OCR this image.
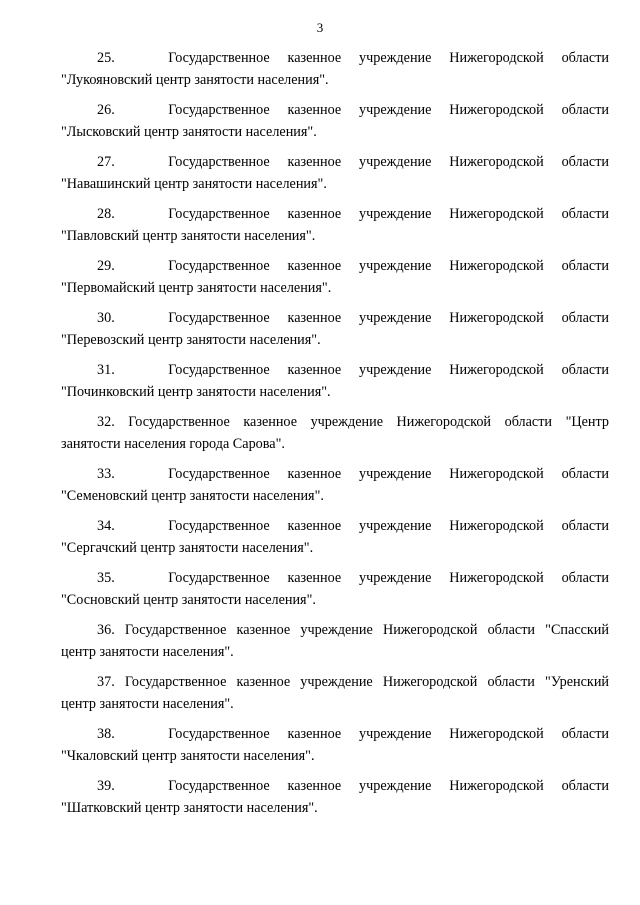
3
25.   Государственное казенное учреждение Нижегородской области
"Лукояновский центр занятости населения".
26.   Государственное казенное учреждение Нижегородской области
"Лысковский центр занятости населения".
27.   Государственное казенное учреждение Нижегородской области
"Навашинский центр занятости населения".
28.   Государственное казенное учреждение Нижегородской области
"Павловский центр занятости населения".
29.   Государственное казенное учреждение Нижегородской области
"Первомайский центр занятости населения".
30.   Государственное казенное учреждение Нижегородской области
"Перевозский центр занятости населения".
31.   Государственное казенное учреждение Нижегородской области
"Починковский центр занятости населения".
32. Государственное казенное учреждение Нижегородской области "Центр
занятости населения города Сарова".
33.   Государственное казенное учреждение Нижегородской области
"Семеновский центр занятости населения".
34.   Государственное казенное учреждение Нижегородской области
"Сергачский центр занятости населения".
35.   Государственное казенное учреждение Нижегородской области
"Сосновский центр занятости населения".
36. Государственное казенное учреждение Нижегородской области "Спасский
центр занятости населения".
37. Государственное казенное учреждение Нижегородской области "Уренский
центр занятости населения".
38.   Государственное казенное учреждение Нижегородской области
"Чкаловский центр занятости населения".
39.   Государственное казенное учреждение Нижегородской области
"Шатковский центр занятости населения".
